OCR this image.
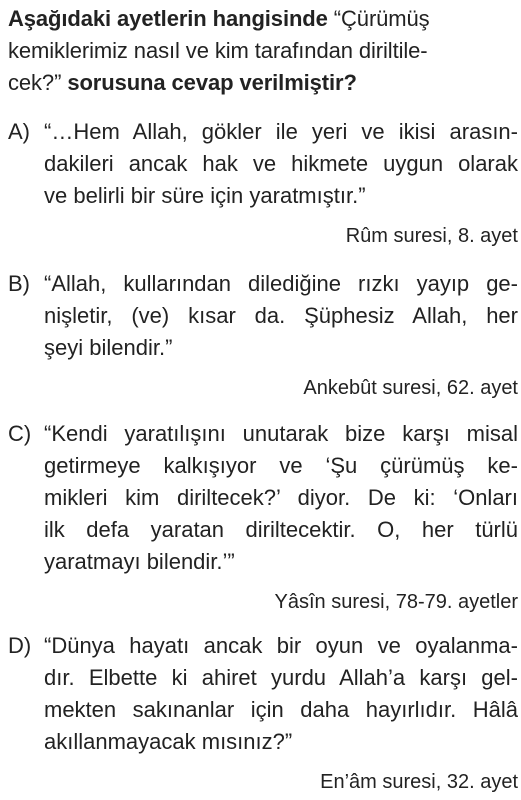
Aşağıdaki ayetlerin hangisinde “Çürümüş
kemiklerimiz nasıl ve kim tarafından diriltile-
cek?” sorusuna cevap verilmiştir?
A) “…Hem Allah, gökler ile yeri ve ikisi arasın-
dakileri ancak hak ve hikmete uygun olarak
ve belirli bir süre için yaratmıştır.”
Rûm suresi, 8. ayet
B) “Allah, kullarından dilediğine rızkı yayıp ge-
nişletir, (ve) kısar da. Şüphesiz Allah, her
şeyi bilendir.”
Ankebût suresi, 62. ayet
C) “Kendi yaratılışını unutarak bize karşı misal
getirmeye kalkışıyor ve ‘Şu çürümüş ke-
mikleri kim diriltecek?’ diyor. De ki: ‘Onları
ilk defa yaratan diriltecektir. O, her türlü
yaratmayı bilendir.’”
Yâsîn suresi, 78-79. ayetler
D) “Dünya hayatı ancak bir oyun ve oyalanma-
dır. Elbette ki ahiret yurdu Allah’a karşı gel-
mekten sakınanlar için daha hayırlıdır. Hâlâ
akıllanmayacak mısınız?”
En’âm suresi, 32. ayet
